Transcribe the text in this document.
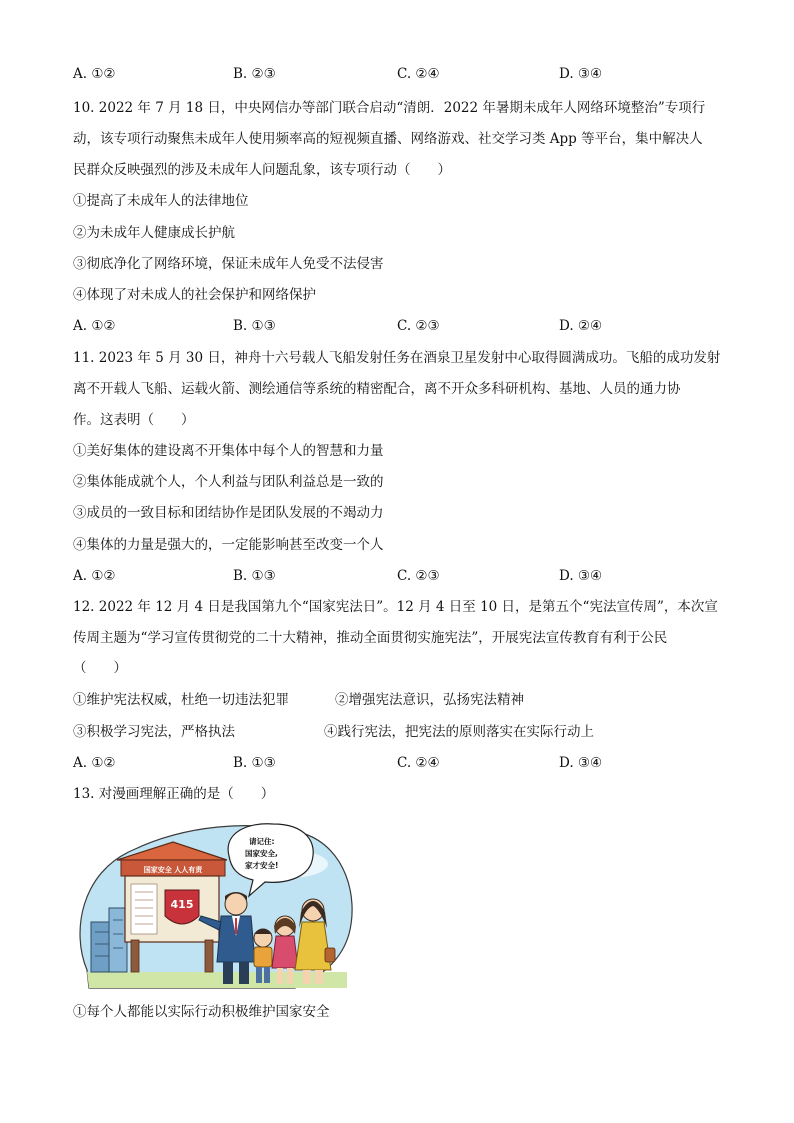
A. ①②	B. ②③	C. ②④	D. ③④
10. 2022 年 7 月 18 日，中央网信办等部门联合启动“清朗．2022 年暑期未成年人网络环境整治”专项行
动，该专项行动聚焦未成年人使用频率高的短视频直播、网络游戏、社交学习类 App 等平台，集中解决人
民群众反映强烈的涉及未成年人问题乱象，该专项行动（　　）
①提高了未成年人的法律地位
②为未成年人健康成长护航
③彻底净化了网络环境，保证未成年人免受不法侵害
④体现了对未成人的社会保护和网络保护
A. ①②	B. ①③	C. ②③	D. ②④
11. 2023 年 5 月 30 日，神舟十六号载人飞船发射任务在酒泉卫星发射中心取得圆满成功。飞船的成功发射
离不开载人飞船、运载火箭、测绘通信等系统的精密配合，离不开众多科研机构、基地、人员的通力协
作。这表明（　　）
①美好集体的建设离不开集体中每个人的智慧和力量
②集体能成就个人，个人利益与团队利益总是一致的
③成员的一致目标和团结协作是团队发展的不竭动力
④集体的力量是强大的，一定能影响甚至改变一个人
A. ①②	B. ①③	C. ②③	D. ③④
12. 2022 年 12 月 4 日是我国第九个“国家宪法日”。12 月 4 日至 10 日，是第五个“宪法宣传周”，本次宣
传周主题为“学习宣传贯彻党的二十大精神，推动全面贯彻实施宪法”，开展宪法宣传教育有利于公民
（　　）
①维护宪法权威，杜绝一切违法犯罪	②增强宪法意识，弘扬宪法精神
③积极学习宪法，严格执法	④践行宪法，把宪法的原则落实在实际行动上
A. ①②	B. ①③	C. ②④	D. ③④
13. 对漫画理解正确的是（　　）
国家安全 人人有责
415
请记住: 国家安全, 家才安全!
①每个人都能以实际行动积极维护国家安全
